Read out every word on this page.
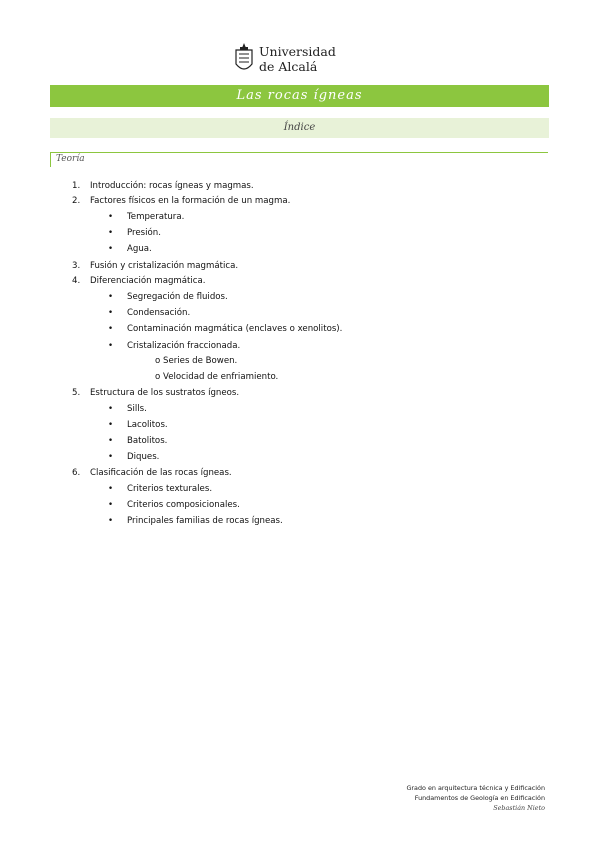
Universidad
de Alcalá
Las rocas ígneas
Índice
Teoría
1.	Introducción: rocas ígneas y magmas.
2.	Factores físicos en la formación de un magma.
• Temperatura.
• Presión.
• Agua.
3.	Fusión y cristalización magmática.
4.	Diferenciación magmática.
• Segregación de fluidos.
• Condensación.
• Contaminación magmática (enclaves o xenolitos).
• Cristalización fraccionada.
o Series de Bowen.
o Velocidad de enfriamiento.
5.	Estructura de los sustratos ígneos.
• Sills.
• Lacolitos.
• Batolitos.
• Diques.
6.	Clasificación de las rocas ígneas.
• Criterios texturales.
• Criterios composicionales.
• Principales familias de rocas ígneas.
Grado en arquitectura técnica y Edificación
Fundamentos de Geología en Edificación
Sebastián Nieto
